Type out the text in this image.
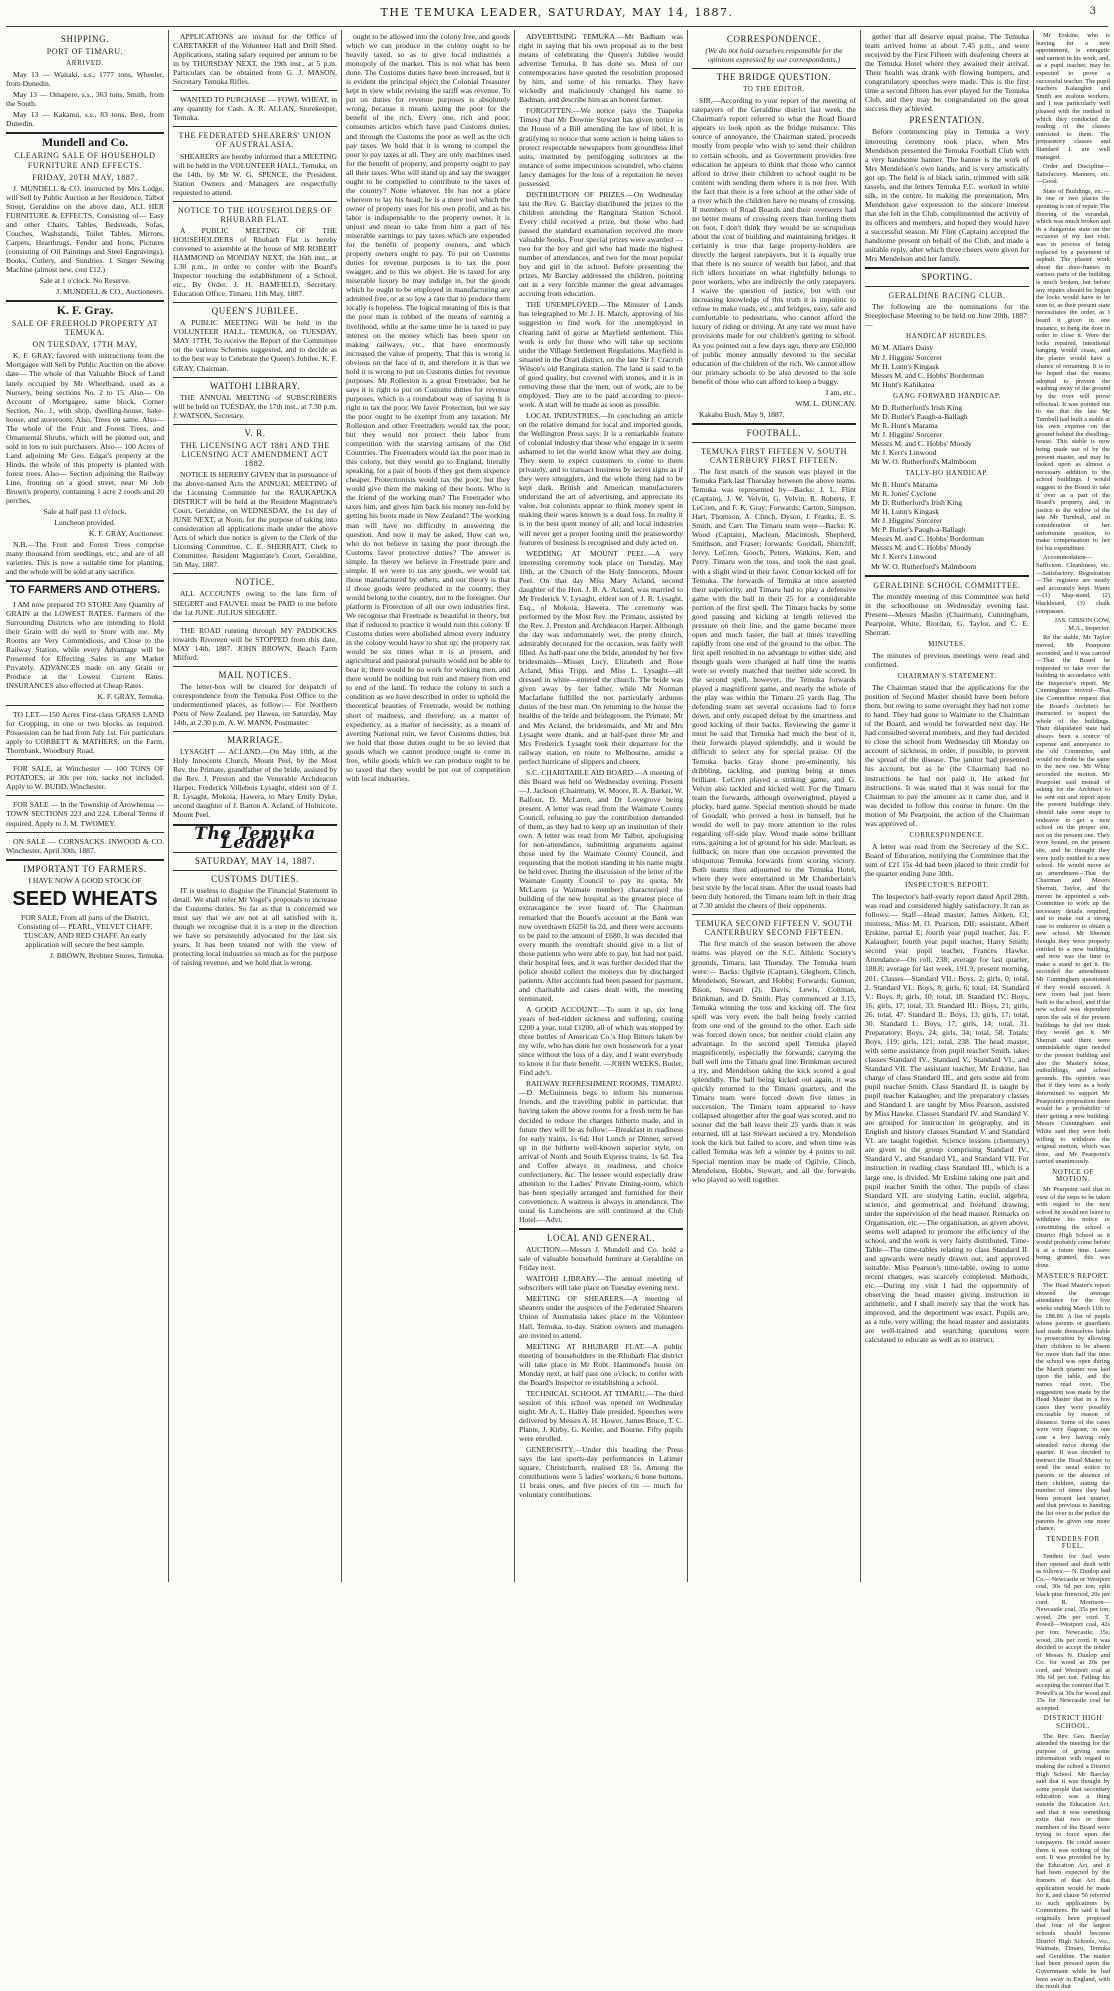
THE TEMUKA LEADER, SATURDAY, MAY 14, 1887.	3
SHIPPING.
PORT OF TIMARU.
ARRIVED.

May 13 — Waitaki, s.s., 1777 tons, Wheeler, from Dunedin.

May 13 — Omapere, s.s., 363 tons, Smith, from the South.

May 13 — Kakanui, s.s., 83 tons, Best, from Dunedin.

Mundell and Co.
CLEARING SALE OF HOUSEHOLD FURNITURE AND EFFECTS.
FRIDAY, 20TH MAY, 1887.

J. MUNDELL & CO. instructed by Mrs Lodge, will Sell by Public Auction at her Residence, Talbot Street, Geraldine on the above date, ALL HER FURNITURE & EFFECTS, Consisting of— Easy and other Chairs, Tables, Bedsteads, Sofas, Couches, Washstands, Toilet Tables, Mirrors, Carpets, Hearthrugs, Fender and Irons, Pictures (consisting of Oil Paintings and Steel Engravings), Books, Cutlery, and Sundries. 1 Singer Sewing Machine (almost new, cost £12.)

Sale at 1 o'clock. No Reserve.

J. MUNDELL & CO., Auctioneers.

K. F. Gray.
SALE OF FREEHOLD PROPERTY AT TEMUKA.
ON TUESDAY, 17TH MAY,

K. F. GRAY, favored with instructions from the Mortgagee will Sell by Public Auction on the above date— The whole of that Valuable Block of Land lately occupied by Mr Wheelband, used as a Nursery, being sections No. 2 to 15. Also— On Account of Mortgagee, same block, Corner Section, No. 1, with shop, dwelling-house, bake-house, and storeroom. Also, Trees on same. Also— The whole of the Fruit and Forest Trees, and Ornamental Shrubs, which will be plotted out, and sold in lots to suit purchasers. Also— 100 Acres of Land adjoining Mr Geo. Edgar's property at the Hinds, the whole of this property is planted with forest trees. Also— Section adjoining the Railway Line, fronting on a good street, near Mr Job Brown's property, containing 1 acre 2 roods and 20 perches.

Sale at half past 11 o'clock.

Luncheon provided.

K. F. GRAY, Auctioneer.

N.B.—The Fruit and Forest Trees comprise many thousand from seedlings, etc., and are of all varieties. This is now a suitable time for planting, and the whole will be sold at any sacrifice.

TO FARMERS AND OTHERS.

I AM now prepared TO STORE Any Quantity of GRAIN at the LOWEST RATES. Farmers of the Surrounding Districts who are intending to Hold their Grain will do well to Store with me. My Rooms are Very Commodious, and Close to the Railway Station, while every Advantage will be Presented for Effecting Sales in any Market Privately. ADVANCES made on any Grain or Produce at the Lowest Current Rates. INSURANCES also effected at Cheap Rates.

K. F. GRAY, Temuka.

TO LET.—150 Acres First-class GRASS LAND for Cropping, in one or two blocks as required. Possession can be had from July 1st. For particulars apply to CORBETT & MATHERS, on the Farm, Thornbank, Woodbury Road.

FOR SALE, at Winchester — 100 TONS OF POTATOES, at 30s per ton, sacks not included. Apply to W. BUDD, Winchester.

FOR SALE — In the Township of Arowhenua — TOWN SECTIONS 223 and 224. Liberal Terms if required. Apply to J. M. TWOMEY.

ON SALE — CORNSACKS. INWOOD & CO. Winchester, April 30th, 1887.

IMPORTANT TO FARMERS.

I HAVE NOW A GOOD STOCK OF

SEED WHEATS

FOR SALE, From all parts of the District, Consisting of— PEARL, VELVET CHAFF, TUSCAN, AND RED CHAFF. An early application will secure the best sample.

J. BROWN, Brebner Stores, Temuka.

APPLICATIONS are invited for the Office of CARETAKER of the Volunteer Hall and Drill Shed. Applications, stating salary required per annum to be in by THURSDAY NEXT, the 19th inst., at 5 p.m. Particulars can be obtained from G. J. MASON, Secretary Temuka Rifles.

WANTED TO PURCHASE — FOWL WHEAT, in any quantity for Cash. A. R. ALLAN, Storekeeper, Temuka.

THE FEDERATED SHEARERS' UNION OF AUSTRALASIA.

SHEARERS are hereby informed that a MEETING will be held in the VOLUNTEER HALL, Temuka, on the 14th, by Mr W. G. SPENCE, the President. Station Owners and Managers are respectfully requested to attend.

NOTICE TO THE HOUSEHOLDERS OF RHUBARB FLAT.

A PUBLIC MEETING OF THE HOUSEHOLDERS of Rhubarb Flat is hereby convened to assemble at the house of MR ROBERT HAMMOND on MONDAY NEXT, the 16th inst., at 1.30 p.m., in order to confer with the Board's Inspector touching the establishment of a School, etc., By Order. J. H. BAMFIELD, Secretary. Education Office, Timaru, 11th May, 1887.

QUEEN'S JUBILEE.

A PUBLIC MEETING Will be held in the VOLUNTEER HALL, TEMUKA, on TUESDAY, MAY 17TH, To receive the Report of the Committee on the various Schemes suggested, and to decide as to the best way to Celebrate the Queen's Jubilee. K. F. GRAY, Chairman.

WAITOHI LIBRARY.

THE ANNUAL MEETING of SUBSCRIBERS will be held on TUESDAY, the 17th inst., at 7.30 p.m. J. WATSON, Secretary.

V. R.
THE LICENSING ACT 1881 AND THE LICENSING ACT AMENDMENT ACT 1882.

NOTICE IS HEREBY GIVEN that in pursuance of the above-named Acts the ANNUAL MEETING of the Licensing Committee for the RAUKAPUKA DISTRICT will be held at the Resident Magistrate's Court, Geraldine, on WEDNESDAY, the 1st day of JUNE NEXT, at Noon, for the purpose of taking into consideration all applications made under the above Acts of which due notice is given to the Clerk of the Licensing Committee. C. E. SHERRATT, Clerk to Committee. Resident Magistrate's Court, Geraldine, 5th May, 1887.

NOTICE.

ALL ACCOUNTS owing to the late firm of SIEGERT and FAUVEL must be PAID to me before the 1st JUNE. JULIUS SIEGERT.

THE ROAD running through MY PADDOCKS towards Rivereen will be STOPPED from this date, MAY 14th, 1887. JOHN BROWN, Beach Farm Milford.

MAIL NOTICES.

The letter-box will be cleared for despatch of correspondence from the Temuka Post Office to the undermentioned places, as follow:— For Northern Ports of New Zealand, per Hawea, on Saturday, May 14th, at 2.30 p.m. A. W. MANN, Postmaster.

MARRIAGE.

LYSAGHT — ACLAND.—On May 10th, at the Holy Innocents Church, Mount Peel, by the Most Rev. the Primate, grandfather of the bride, assisted by the Rev. J. Preston and the Venerable Archdeacon Harper, Frederick Villebois Lysaght, eldest son of J. R. Lysaght, Mokoia, Hawera, to Mary Emily Dyke, second daughter of J. Barton A. Acland, of Holnicote, Mount Peel.

The Temuka Leader
SATURDAY, MAY 14, 1887.
CUSTOMS DUTIES.

IT is useless to disguise the Financial Statement in detail. We shall refer Mr Vogel's proposals to increase the Customs duties. So far as that is concerned we must say that we are not at all satisfied with it, though we recognise that it is a step in the direction we have so persistently advocated for the last six years. It has been treated not with the view of protecting local industries so much as for the purpose of raising revenue, and we hold that is wrong.

ought to be allowed into the colony free, and goods which we can produce in the colony ought to be heavily taxed, so as to give local industries a monopoly of the market. This is not what has been done. The Customs duties have been increased, but it is evident the principal object the Colonial Treasurer kept in view while revising the tariff was revenue. To put on duties for revenue purposes is absolutely wrong, because it means taxing the poor for the benefit of the rich. Every one, rich and poor, consumes articles which have paid Customs duties, and through the Customs the poor as well as the rich pay taxes. We hold that it is wrong to compel the poor to pay taxes at all. They are only machines used for the benefit of property, and property ought to pay all their taxes. Who will stand up and say the swagger ought to be compelled to contribute to the taxes of the country? None whatever. He has not a place whereon to lay his head; he is a mere tool which the owner of property uses for his own profit, and as his labor is indispensable to the property owner, it is unjust and mean to take from him a part of his miserable earnings to pay taxes which are expended for the benefit of property owners, and which property owners ought to pay. To put on Customs duties for revenue purposes is to tax the poor swagger, and to this we object. He is taxed for any miserable luxury he may indulge in, but the goods which he ought to be employed in manufacturing are admitted free, or at so low a rate that to produce them locally is hopeless. The logical meaning of this is that the poor man is robbed of the means of earning a livelihood, while at the same time he is taxed to pay interest on the money which has been spent on making railways, etc., that have enormously increased the value of property. That this is wrong is obvious on the face of it, and therefore it is that we hold it is wrong to put on Customs duties for revenue purposes. Mr Rolleston is a great Freetrader, but he says it is right to put on Customs duties for revenue purposes, which is a roundabout way of saying It is right to tax the poor. We favor Protection, but we say the poor ought to be exempt from any taxation. Mr Rolleston and other Freetraders would tax the poor, but they would not protect their labor from competition with the starving artisans of the Old Countries. The Freetraders would tax the poor man in this colony, but they would go to England, literally speaking, for a pair of boots if they got them sixpence cheaper. Protectionists would tax the poor, but they would give them the making of their boots. Who is the friend of the working man? The Freetrader who taxes him, and gives him back his money ten-fold by getting his boots made in New Zealand? The working man will have no difficulty in answering the question. And now it may be asked, How can we, who do not believe in taxing the poor through the Customs favor protective duties? The answer is simple. In theory we believe in Freetrade pure and simple. If we were to tax any goods, we would tax those manufactured by others, and our theory is that if those goods were produced in the country, they would belong to the country, not to the foreigner. Our platform is Protection of all our own industries first. We recognise that Freetrade is beautiful in theory, but that if reduced to practice it would ruin this colony. If Customs duties were abolished almost every industry in the colony would have to shut up; the property tax would be six times what it is at present, and agricultural and pastoral pursuits would not be able to bear it; there would be no work for working men, and there would be nothing but ruin and misery from end to end of the land. To reduce the colony to such a condition as we have described in order to uphold the theoretical beauties of Freetrade, would be nothing short of madness, and therefore, as a matter of expediency, as a matter of necessity, as a means of averting National ruin, we favor Customs duties, but we hold that those duties ought to be so levied that goods which we cannot produce ought to come in free, while goods which we can produce ought to be so taxed that they would be put out of competition with local industries.

ADVERTISING TEMUKA.—Mr Badham was right in saying that his own proposal as to the best means of celebrating the Queen's Jubilee would advertise Temuka. It has done so. Most of our contemporaries have quoted the resolution proposed by him, and some of his remarks. They have wickedly and maliciously changed his name to Badman, and describe him as an honest farmer.

FORGOTTEN.—We notice (says the Tuapeka Times) that Mr Downie Stewart has given notice in the House of a Bill amending the law of libel. It is gratifying to notice that some action is being taken to protect respectable newspapers from groundless libel suits, instituted by pettifogging solicitors at the instance of some impecunious scoundrel, who claims fancy damages for the loss of a reputation he never possessed.

DISTRIBUTION OF PRIZES.—On Wednesday last the Rev. G. Barclay distributed the prizes to the children attending the Rangitata Station School. Every child received a prize, but those who had passed the standard examination received the more valuable books. Four special prizes were awarded — two for the boy and girl who had made the highest number of attendances, and two for the most popular boy and girl in the school. Before presenting the prizes, Mr Barclay addressed the children, pointing out in a very forcible manner the great advantages accruing from education.

THE UNEMPLOYED.—The Minister of Lands has telegraphed to Mr J. H. March, approving of his suggestion to find work for the unemployed in clearing land of gorse at Mayfield settlement. This work is only for those who will take up sections under the Village Settlement Regulations. Mayfield is situated in the Orari district, on the late Sir J. Cracroft Wilson's old Rangitata station. The land is said to be of good quality, but covered with stones, and it is in removing these that the men, out of work, are to be employed. They are to be paid according to piece-work. A start will be made as soon as possible.

LOCAL INDUSTRIES.—In concluding an article on the relative demand for local and imported goods, the Wellington Press says: It is a remarkable feature of colonial industry that those who engage in it seem ashamed to let the world know what they are doing. They seem to expect customers to come to them privately, and to transact business by secret signs as if they were smugglers, and the whole thing had to be kept dark. British and American manufacturers understand the art of advertising, and appreciate its value, but colonists appear to think money spent in making their wares known is a dead loss. In reality it is in the best spent money of all, and local industries will never get a proper footing until the praiseworthy features of business is recognised and duly acted on.

WEDDING AT MOUNT PEEL.—A very interesting ceremony took place on Tuesday, May 10th, at the Church of the Holy Innocents, Mount Peel. On that day Miss Mary Acland, second daughter of the Hon. J. B. A. Acland, was married to Mr Frederick V. Lysaght, eldest son of J. R. Lysaght, Esq., of Mokoia, Hawera. The ceremony was performed by the Most Rev. the Primate, assisted by the Rev. J. Preston and Archdeacon Harper. Although the day was unfortunately wet, the pretty church, admirably decorated for the occasion, was fairly well filled. As half-past one the bride, attended by her five bridesmaids—Misses Lucy, Elizabeth and Rose Acland, Miss Tripp, and Miss L. Lysaght—all dressed in white—entered the church. The bride was given away by her father, while Mr Norman Macfarlane fulfilled the not particularly arduous duties of the best man. On returning to the house the healths of the bride and bridegroom, the Primate, Mr and Mrs Acland, the bridesmaids, and Mr and Mrs Lysaght were drank, and at half-past three Mr and Mrs Frederick Lysaght took their departure for the railway station, en route to Melbourne, amidst a perfect hurricane of slippers and cheers.

S.C. CHARITABLE AID BOARD.—A meeting of this Board was held on Wednesday evening. Present—J. Jackson (Chairman), W. Moore, R. A. Barker, W. Balfour, D. McLaren, and Dr Lovegrove being present. A letter was read from the Waimate County Council, refusing to pay the contribution demanded of them, as they had to keep up an institution of their own. A letter was read from Mr Talbot, apologising for non-attendance, submitting arguments against those used by the Waimate County Council, and requesting that the motion standing in his name might be held over. During the discussion of the letter of the Waimate County Council to pay its quota, Mr McLaren (a Waimate member) characterised the building of the new hospital as the greatest piece of extravagance he ever heard of. The Chairman remarked that the Board's account at the Bank was now overdrawn £6250 6s 2d, and there were accounts to be paid to the amount of £680. It was decided that every month the overdraft should give in a list of those patients who were able to pay, but had not paid, their hospital fees, and it was further decided that the police should collect the moneys due by discharged patients. After accounts had been passed for payment, and charitable aid cases dealt with, the meeting terminated.

A GOOD ACCOUNT.—To sum it up, six long years of bed-ridden sickness and suffering, costing £200 a year, total £1200, all of which was stopped by three bottles of American Co.'s Hop Bitters taken by my wife, who has done her own housework for a year since without the loss of a day, and I want everybody to know it for their benefit. —JOHN WEEKS, Butler, Find adv't.

RAILWAY REFRESHMENT ROOMS, TIMARU. —D. McGuinness begs to inform his numerous friends, and the travelling public in particular, that having taken the above rooms for a fresh term he has decided to reduce the charges hitherto made, and in future they will be as follow:—Breakfast in readiness for early trains, 1s 6d; Hot Lunch or Dinner, served up in the hitherto well-known superior style, on arrival of North and South Express trains, 1s 6d. Tea and Coffee always in readiness, and choice confectionery, &c. The lessee would especially draw attention to the Ladies' Private Dining-room, which has been specially arranged and furnished for their convenience. A waitress is always in attendance. The usual 6s Luncheons are still continued at the Club Hotel.—Advt.

LOCAL AND GENERAL.

AUCTION.—Messrs J. Mundell and Co. hold a sale of valuable household furniture at Geraldine on Friday next.

WAITOHI LIBRARY.—The annual meeting of subscribers will take place on Tuesday evening next.

MEETING OF SHEARERS.—A meeting of shearers under the auspices of the Federated Shearers Union of Australasia takes place in the Volunteer Hall, Temuka, to-day. Station owners and managers are invited to attend.

MEETING AT RHUBARB FLAT.—A public meeting of householders in the Rhubarb Flat district will take place in Mr Robt. Hammond's house on Monday next, at half past one o'clock, to confer with the Board's Inspector re establishing a school.

TECHNICAL SCHOOL AT TIMARU.—The third session of this school was opened on Wednesday night. Mr A. L. Halley Dale presided. Speeches were delivered by Messrs A. H. Hower, James Bruce, T. C. Plante, J. Kirby, G. Kettler, and Bourne. Fifty pupils were enrolled.

GENEROSITY.—Under this heading the Press says the last sports-day performances in Latimer square, Christchurch, realised £8 5s. Among the contributions were 5 ladies' workers, 6 bone buttons, 11 brass ones, and five pieces of tin — much for voluntary contributions.

CORRESPONDENCE.

(We do not hold ourselves responsible for the opinions expressed by our correspondents.)

THE BRIDGE QUESTION.
TO THE EDITOR.

SIR,—According to your report of the meeting of ratepayers of the Geraldine district last week, the Chairman's report referred to what the Road Board appears to look upon as the bridge nuisance. This source of annoyance, the Chairman stated, proceeds mostly from people who wish to send their children to certain schools, and as Government provides free education he appears to think that those who cannot afford to drive their children to school ought to be content with sending them where it is not free. With the fact that there is a free school at the other side of a river which the children have no means of crossing. If members of Road Boards and their overseers had no better means of crossing rivers than fording them on foot, I don't think they would be so scrupulous about the cost of building and maintaining bridges. It certainly is true that large property-holders are directly the largest ratepayers, but it is equally true that there is no source of wealth but labor, and that rich idlers luxuriate on what rightfully belongs to poor workers, who are indirectly the only ratepayers. I waive the question of justice, but with our increasing knowledge of this truth it is impolitic to refuse to make roads, etc., and bridges, easy, safe and comfortable to pedestrians, who cannot afford the luxury of riding or driving. At any rate we must have provisions made for our children's getting to school. As you pointed out a few days ago, there are £50,000 of public money annually devoted to the secular education of the children of the rich. We cannot allow our primary schools to be also devoted to the sole benefit of those who can afford to keep a buggy.

I am, etc.,

WM. L. DUNCAN.

Kakahu Bush, May 9, 1887.

FOOTBALL.
TEMUKA FIRST FIFTEEN V. SOUTH CANTERBURY FIRST FIFTEEN.

The first match of the season was played in the Temuka Park last Thursday between the above teams. Temuka was represented by—Backs: J. L. Flint (Captain), J. W. Velvin, G. Velvin, R. Roberts, F. LeCren, and F. K. Gray; Forwards: Carton, Simpson, Hart, Thomson, A. Clinch, Dyson, J. Franks, E. S. Smith, and Carr. The Timaru team were—Backs: K. Wood (Captain), Maclean, Macintosh, Shepherd, Smithson, and Fraser; forwards: Goodall, Shirtcliff, Jervy, LeCren, Gooch, Peters, Watkins, Kett, and Perry. Timaru won the toss, and took the east goal, with a slight wind in their favor. Cotton kicked off for Temuka. The forwards of Temuka at once asserted their superiority, and Timaru had to play a defensive game with the ball in their 25 for a considerable portion of the first spell. The Timaru backs by some good passing and kicking at length relieved the pressure on their line, and the game became more open and much faster, the ball at times travelling rapidly from one end of the ground to the other. The first spell resulted in no advantage to either side, and though goals were changed at half time the teams were so evenly matched that neither side scored. In the second spell, however, the Temuka forwards played a magnificent game, and nearly the whole of the play was within the Timaru 25 yards flag. The defending team set several occasions had to force down, and only escaped defeat by the smartness and good kicking of their backs. Reviewing the game it must be said that Temuka had much the best of it, their forwards played splendidly, and it would be difficult to select any for special praise. Of the Temuka backs Gray shone pre-eminently, his dribbling, tackling, and punting being at times brilliant. LeCren played a striking game, and G. Velvin also tackled and kicked well. For the Timaru team the forwards, although overweighted, played a plucky, hard game. Special mention should be made of Goodall, who proved a host in himself, but he would do well to pay more attention to the rules regarding off-side play. Wood made some brilliant runs, gaining a lot of ground for his side. Maclean, as fullback, on more than one occasion prevented the ubiquitous Temuka forwards from scoring victory. Both teams then adjourned to the Temuka Hotel, where they were entertained in Mr Chamberlain's best style by the local team. After the usual toasts had been duly honored, the Timaru team left in their drag at 7.30 amidst the cheers of their opponents.

TEMUKA SECOND FIFTEEN V. SOUTH CANTERBURY SECOND FIFTEEN.

The first match of the season between the above teams was played on the S.C. Athletic Society's grounds, Timaru, last Thursday. The Temuka team were:— Backs: Ogilvie (Captain), Gleghorn, Clinch, Mendelson, Stewart, and Hobbs; Forwards: Gunion, Bison, Stewart (2), Davis, Lewis, Coltman, Brinkman, and D. Smith. Play commenced at 3.15, Temuka winning the toss and kicking off. The first spell was very even, the ball being freely carried from one end of the ground to the other. Each side was forced down once, but neither could claim any advantage. In the second spell Temuka played magnificently, especially the forwards, carrying the ball well into the Timaru goal line. Brinkman secured a try, and Mendelson taking the kick scored a goal splendidly. The ball being kicked out again, it was quickly returned to the Timaru quarters, and the Timaru team were forced down five times in succession. The Timaru team appeared to have collapsed altogether after the goal was scored, and no sooner did the ball leave their 25 yards than it was returned, till at last Stewart secured a try. Mendelson took the kick but failed to score, and when time was called Temuka was left a winner by 4 points to nil. Special mention may be made of Ogilvie, Clinch, Mendelson, Hobbs, Stewart, and all the forwards, who played so well together.

gether that all deserve equal praise. The Temuka team arrived home at about 7.45 p.m., and were received by the First Fifteen with deafening cheers at the Temuka Hotel where they awaited their arrival. Their health was drank with flowing bumpers, and congratulatory speeches were made. This is the first time a second fifteen has ever played for the Temuka Club, and they may be congratulated on the great success they achieved.

PRESENTATION.

Before commencing play in Temuka a very interesting ceremony took place, when Mrs Mendelson presented the Temuka Football Club with a very handsome banner. The banner is the work of Mrs Mendelson's own hands, and is very artistically got up. The field is of black satin, trimmed with silk tassels, and the letters Temuka F.C. worked in white silk, in the centre. In making the presentation, Mrs Mendelson gave expression to the sincere interest that she felt in the Club, complimented the activity of its officers and members, and hoped they would have a successful season. Mr Flint (Captain) accepted the handsome present on behalf of the Club, and made a suitable reply, after which three cheers were given for Mrs Mendelson and her family.

SPORTING.
GERALDINE RACING CLUB.

The following are the nominations for the Steeplechase Meeting to be held on June 20th, 1887:—

HANDICAP HURDLES.
Mr M. Allan's Daisy
Mr J. Higgins' Sorcerer
Mr H. Lunn's Kingask
Messrs M. and C. Hobbs' Borderman
Mr Hunt's Kahikatea
GANG FORWARD HANDICAP.
Mr D. Rutherford's Irish King
Mr D. Butler's Paugh-a-Ballagh
Mr R. Hunt's Marama
Mr J. Higgins' Sorcerer
Messrs M. and C. Hobbs' Moody
Mr J. Kerr's Linwood
Mr W. O. Rutherford's Malmboom
TALLY-HO HANDICAP.
Mr R. Hunt's Marama
Mr R. Jones' Cyclone
Mr D. Rutherford's Irish King
Mr H. Lunn's Kingask
Mr J. Higgins' Sorcerer
Mr P. Butler's Paugh-a-Ballagh
Messrs M. and C. Hobbs' Borderman
Messrs M. and C. Hobbs' Moody
Mr J. Kerr's Linwood
Mr W. O. Rutherford's Malmboom
GERALDINE SCHOOL COMMITTEE.

The monthly meeting of this Committee was held in the schoolhouse on Wednesday evening last. Present—Messrs Maslin (Chairman), Cunningham, Pearpoint, White, Riordan, G. Taylor, and C. E. Sherratt.

MINUTES.

The minutes of previous meetings were read and confirmed.

CHAIRMAN'S STATEMENT.

The Chairman stated that the applications for the position of Second Master should have been before them, but owing to some oversight they had not come to hand. They had gone to Waimate to the Chairman of the Board, and would be forwarded next day. He had consulted several members, and they had decided to close the school from Wednesday till Monday on account of sickness, in order, if possible, to prevent the spread of the disease. The janitor had presented his account, but as he (the Chairman) had no instructions he had not paid it. He asked for instructions. It was stated that it was usual for the Chairman to pay the amount as it came due, and it was decided to follow this course in future. On the motion of Mr Pearpoint, the action of the Chairman was approved of.

CORRESPONDENCE.

A letter was read from the Secretary of the S.C. Board of Education, notifying the Committee that the sum of £21 15s 4d had been placed to their credit for the quarter ending June 30th.

INSPECTOR'S REPORT.

The Inspector's half-yearly report dated April 28th, was read and considered highly satisfactory. It ran as follows:— Staff—Head master, James Aitken, CI; mistress, Miss M. O. Pearson, DII; assistant, Albert Erskine, partial E; fourth year pupil teacher, Jas. F. Kalaugher; fourth year pupil teacher, Harry Smith; second year pupil teacher, Frances Hawke. Attendance—On roll, 238; average for last quarter, 188.8; average for last week, 191.9; present morning, 201. Classes—Standard VII.: Boys, 2; girls, 0; total, 2. Standard VI.: Boys, 8; girls, 6; total, 14. Standard V.: Boys, 8; girls, 10; total, 18. Standard IV.: Boys, 16; girls, 17; total, 33. Standard III.: Boys, 21; girls, 26; total, 47. Standard II.: Boys, 13; girls, 17; total, 30. Standard I.: Boys, 17; girls, 14; total, 31. Preparatory: Boys, 24; girls, 34; total, 58. Totals: Boys, 119; girls, 121; total, 238. The head master, with some assistance from pupil teacher Smith, takes classes Standard IV., Standard V., Standard VI., and Standard VII. The assistant teacher, Mr Erskine, has charge of class Standard III., and gets some aid from pupil teacher Smith. Class Standard II. is taught by pupil teacher Kalaugher, and the preparatory classes and Standard I. are taught by Miss Pearson, assisted by Miss Hawke. Classes Standard IV. and Standard V. are grouped for instruction in geography, and in English and history classes Standard V. and Standard VI. are taught together. Science lessons (chemistry) are given to the group comprising Standard IV., Standard V., and Standard VI., and Standard VII. For instruction in reading class Standard III., which is a large one, is divided. Mr Erskine taking one part and pupil teacher Smith the other. The pupils of class Standard VII. are studying Latin, euclid, algebra, science, and geometrical and freehand drawing, under the supervision of the head master. Remarks on Organisation, etc.—The organisation, as given above, seems well adapted to promote the efficiency of the school, and the work is very fairly distributed. Time-Table—The time-tables relating to class Standard II. and upwards were neatly drawn out, and approved suitable. Miss Pearson's time-table, owing to some recent changes, was scarcely completed. Methods, etc.—During my visit I had the opportunity of observing the head master giving instruction in arithmetic, and I shall merely say that the work has improved, and the deportment was exact. Pupils are, as a rule, very willing; the head master and assistants are well-trained and searching questions were calculated to educate as well as to instruct.

Mr Erskine, who is leaving for a new appointment, is energetic and earnest in his work, and, as a pupil teacher, may be expected to prove a successful teacher. The pupil teachers Kalaugher and Smith are zealous workers, and I was particularly well pleased with the method in which they conducted the reading of the classes entrusted to them. The preparatory classes and Standard I. are well managed.

Order and Discipline—Satisfactory. Manners, etc.—Good.

State of Buildings, etc.—In one or two places the spouting is out of repair. The flooring of the verandah, which was much broken and in a dangerous state on the occasion of my last visit, was in process of being replaced by a pavement of asphalt. The plaster work about the door-frames in various parts of the building is much broken, but before any repairs should be begun the locks would have to be seen to, as their present state necessitates the order, as I heard it given in one instance, to bang the door in order to close it. Were the locks repaired, intentional banging would cease, and the plaster would have a chance of remaining. It is to be hoped that the means adopted to prevent the washing away of the ground by the river will prove effectual. It was pointed out to me that the late Mr Turnbull had built a stable at his own expense on the ground behind the dwelling-house. This stable is now being made use of by the present master, and may be looked upon as almost a necessary addition to the school buildings. I would suggest to the Board to take it over as a part of the Board's property, and, in justice to the widow of the late Mr Turnbull, and in consideration of her unfortunate position, to make compensation to her for his expenditure.

Accommodation—Sufficient. Cleanliness, etc.—Satisfactory. Registration—The registers are neatly and accurately kept. Wants—(1) Map-stand, (2) blackboard, (3) chalk compasses.

JAS. GIBSON GOW, M.A., Inspector.

Re the stable, Mr Taylor moved, Mr Pearpoint seconded, and it was carried—That the Board be requested to take over the building in accordance with the Inspector's report. Mr Cunningham moved—That the Committee request that the Board's Architect be instructed to inspect the whole of the buildings. Their dilapidated state had always been a source of expense and annoyance to the old Committee, and would no doubt be the same to the new one. Mr White seconded the motion. Mr Pearpoint said instead of asking for the Architect to be sent out and report upon the present buildings they should take some steps to endeavor to get a new school on the proper site, not on the present one. They were bound, on the present site, and he thought they were justly entitled to a new school. He would move as an amendment—That the Chairman and Messrs Sherratt, Taylor, and the mover be appointed a sub-Committee to work up the necessary details required, and to make out a strong case to endeavor to obtain a new school. Mr Sherratt thought they were properly entitled to a new building, and now was the time to make a stand to get it. He seconded the amendment. Mr Cunningham questioned if they would succeed. A new room had just been built to the school, and if the new school was dependent upon the sale of the present buildings he did not think they would get it. Mr Sherratt said there were unmistakable signs needed to the present building and also the Master's house, outbuildings, and school grounds. His opinion was that if they were as a body determined to support Mr Pearpoint's proposition there would be a probability of their getting a new building. Messrs Cunningham and White said they were both willing to withdraw the original motion, which was done, and Mr Pearpoint's carried unanimously.

NOTICE OF MOTION.

Mr Pearpoint said that in view of the steps to be taken with regard to the new school he would not leave to withdraw his notice re constituting the school a District High School as it would probably come before it at a future time. Leave being granted, this was done.

MASTER'S REPORT.

The Head Master's report showed the average attendance for the five weeks ending March 11th to be 188.89. A list of pupils whose parents or guardians had made themselves liable to prosecution by allowing their children to be absent for more than half the time the school was open during the March quarter was laid upon the table, and the names read over. The suggestion was made by the Head Master that in a few cases they were possibly excusable by reason of distance. Some of the cases were very flagrant, in one case a boy having only attended twice during the quarter. It was decided to instruct the Head Master to send the usual notice to parents re the absence of their children, stating the number of times they had been present last quarter, and that previous to handing the list over to the police the parents be given one more chance.

TENDERS FOR FUEL.

Tenders for fuel were then opened and dealt with as follows:— N. Dunlop and Co.—Newcastle or Westport coal, 30s 6d per ton; split black pine firewood, 20s per cord. R. Morrison—Newcastle coal, 35s per ton; wood, 20s per cord. T. Powell—Westport coal, 42s per ton; Newcastle, 35s; wood, 20s per cord. It was decided to accept the tender of Messrs N. Dunlop and Co. for wood at 20s per cord, and Westport coal at 30s 6d per ton. Failing his accepting the contract that T. Powell's at 30s for wood and 35s for Newcastle coal be accepted.

DISTRICT HIGH SCHOOL.

The Rev. Geo. Barclay attended the meeting for the purpose of giving some information with regard to making the school a District High School. Mr Barclay said that it was thought by some people that secondary education was a thing outside the Education Act, and that it was something extra that two or three members of the Board were trying to force upon the ratepayers. He could assure them it was nothing of the sort. It was provided for by the Education Act, and it had been expected by the framers of that Act that application would be made for it, and clause 56 referred to such applications by Committees. He said it had originally been proposed that four of the largest schools should become District High Schools, viz., Waimate, Timaru, Temuka and Geraldine. The matter had been pressed upon the Government while he had been away in England, with the result that
